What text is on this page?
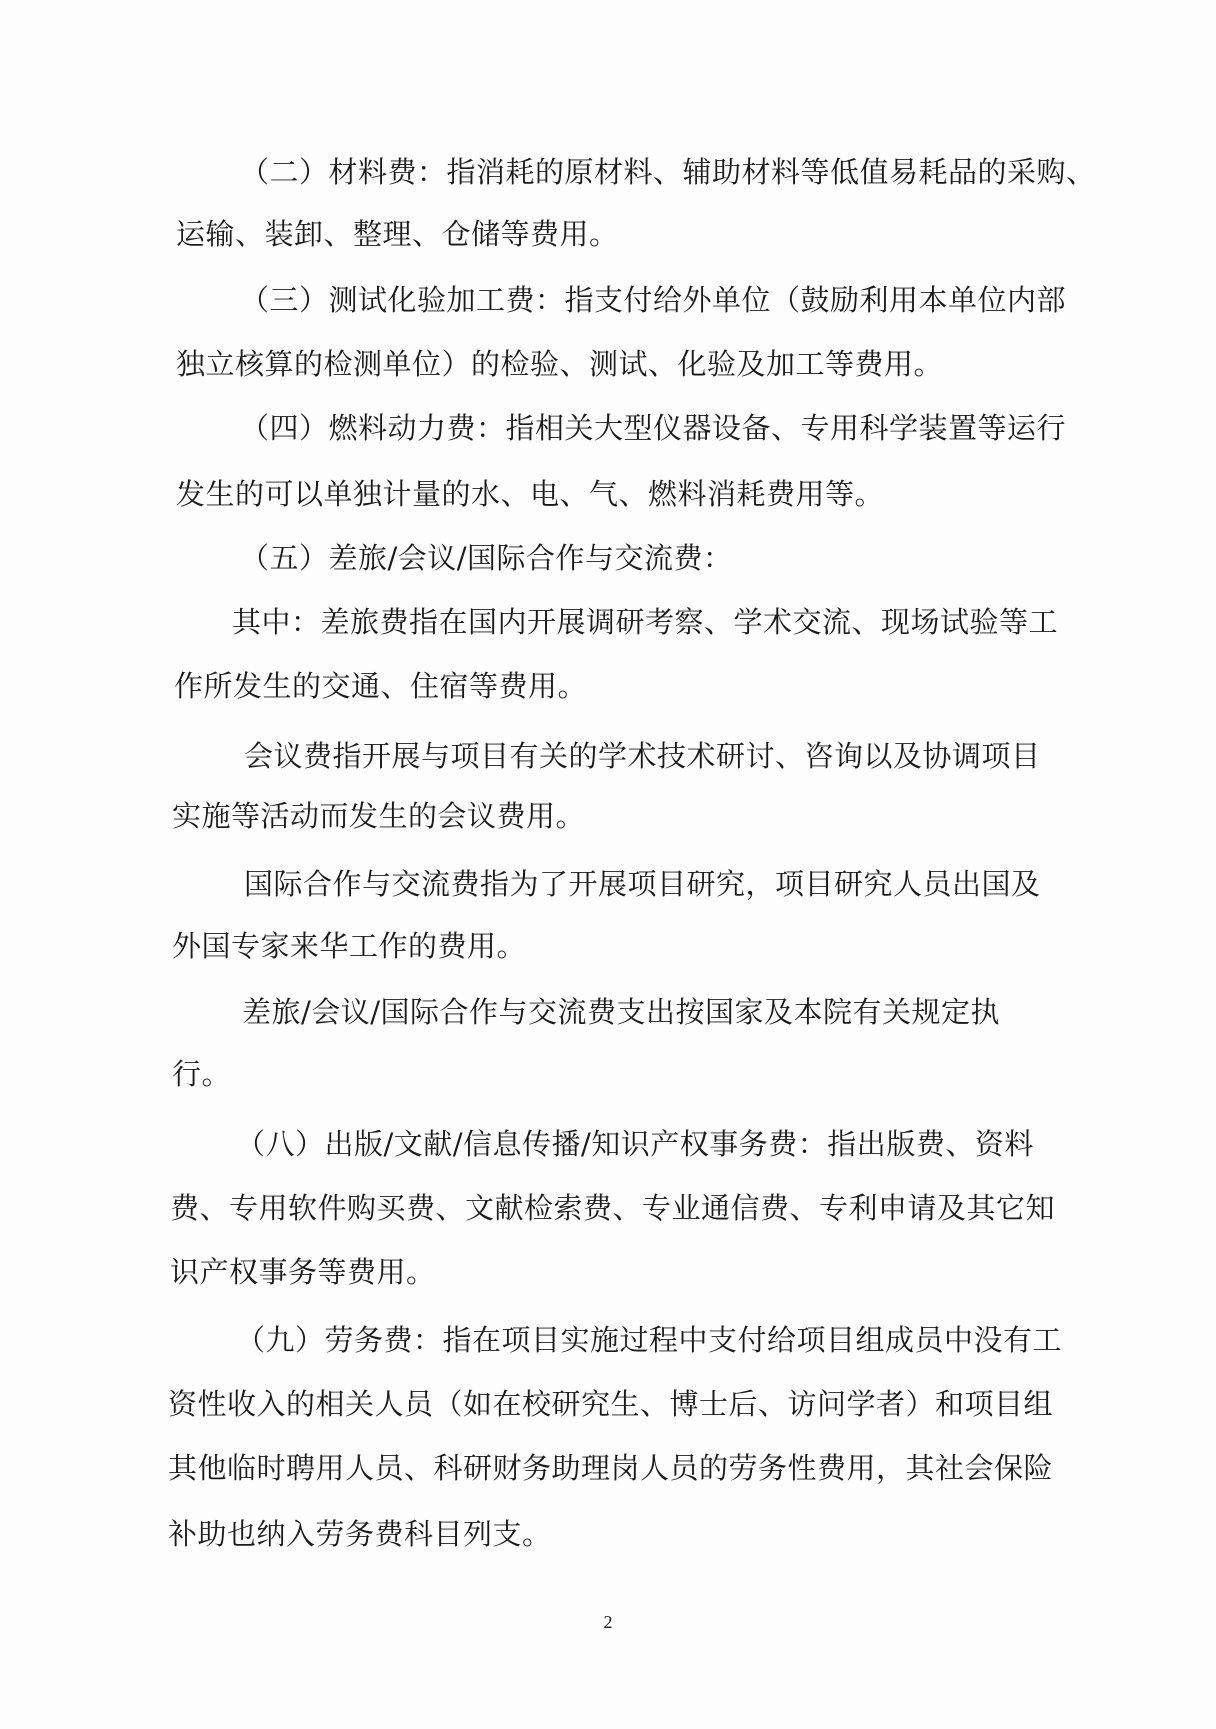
（二）材料费：指消耗的原材料、辅助材料等低值易耗品的采购、
运输、装卸、整理、仓储等费用。
（三）测试化验加工费：指支付给外单位（鼓励利用本单位内部
独立核算的检测单位）的检验、测试、化验及加工等费用。
（四）燃料动力费：指相关大型仪器设备、专用科学装置等运行
发生的可以单独计量的水、电、气、燃料消耗费用等。
（五）差旅/会议/国际合作与交流费：
其中：差旅费指在国内开展调研考察、学术交流、现场试验等工
作所发生的交通、住宿等费用。
会议费指开展与项目有关的学术技术研讨、咨询以及协调项目
实施等活动而发生的会议费用。
国际合作与交流费指为了开展项目研究，项目研究人员出国及
外国专家来华工作的费用。
差旅/会议/国际合作与交流费支出按国家及本院有关规定执
行。
（八）出版/文献/信息传播/知识产权事务费：指出版费、资料
费、专用软件购买费、文献检索费、专业通信费、专利申请及其它知
识产权事务等费用。
（九）劳务费：指在项目实施过程中支付给项目组成员中没有工
资性收入的相关人员（如在校研究生、博士后、访问学者）和项目组
其他临时聘用人员、科研财务助理岗人员的劳务性费用，其社会保险
补助也纳入劳务费科目列支。
2
